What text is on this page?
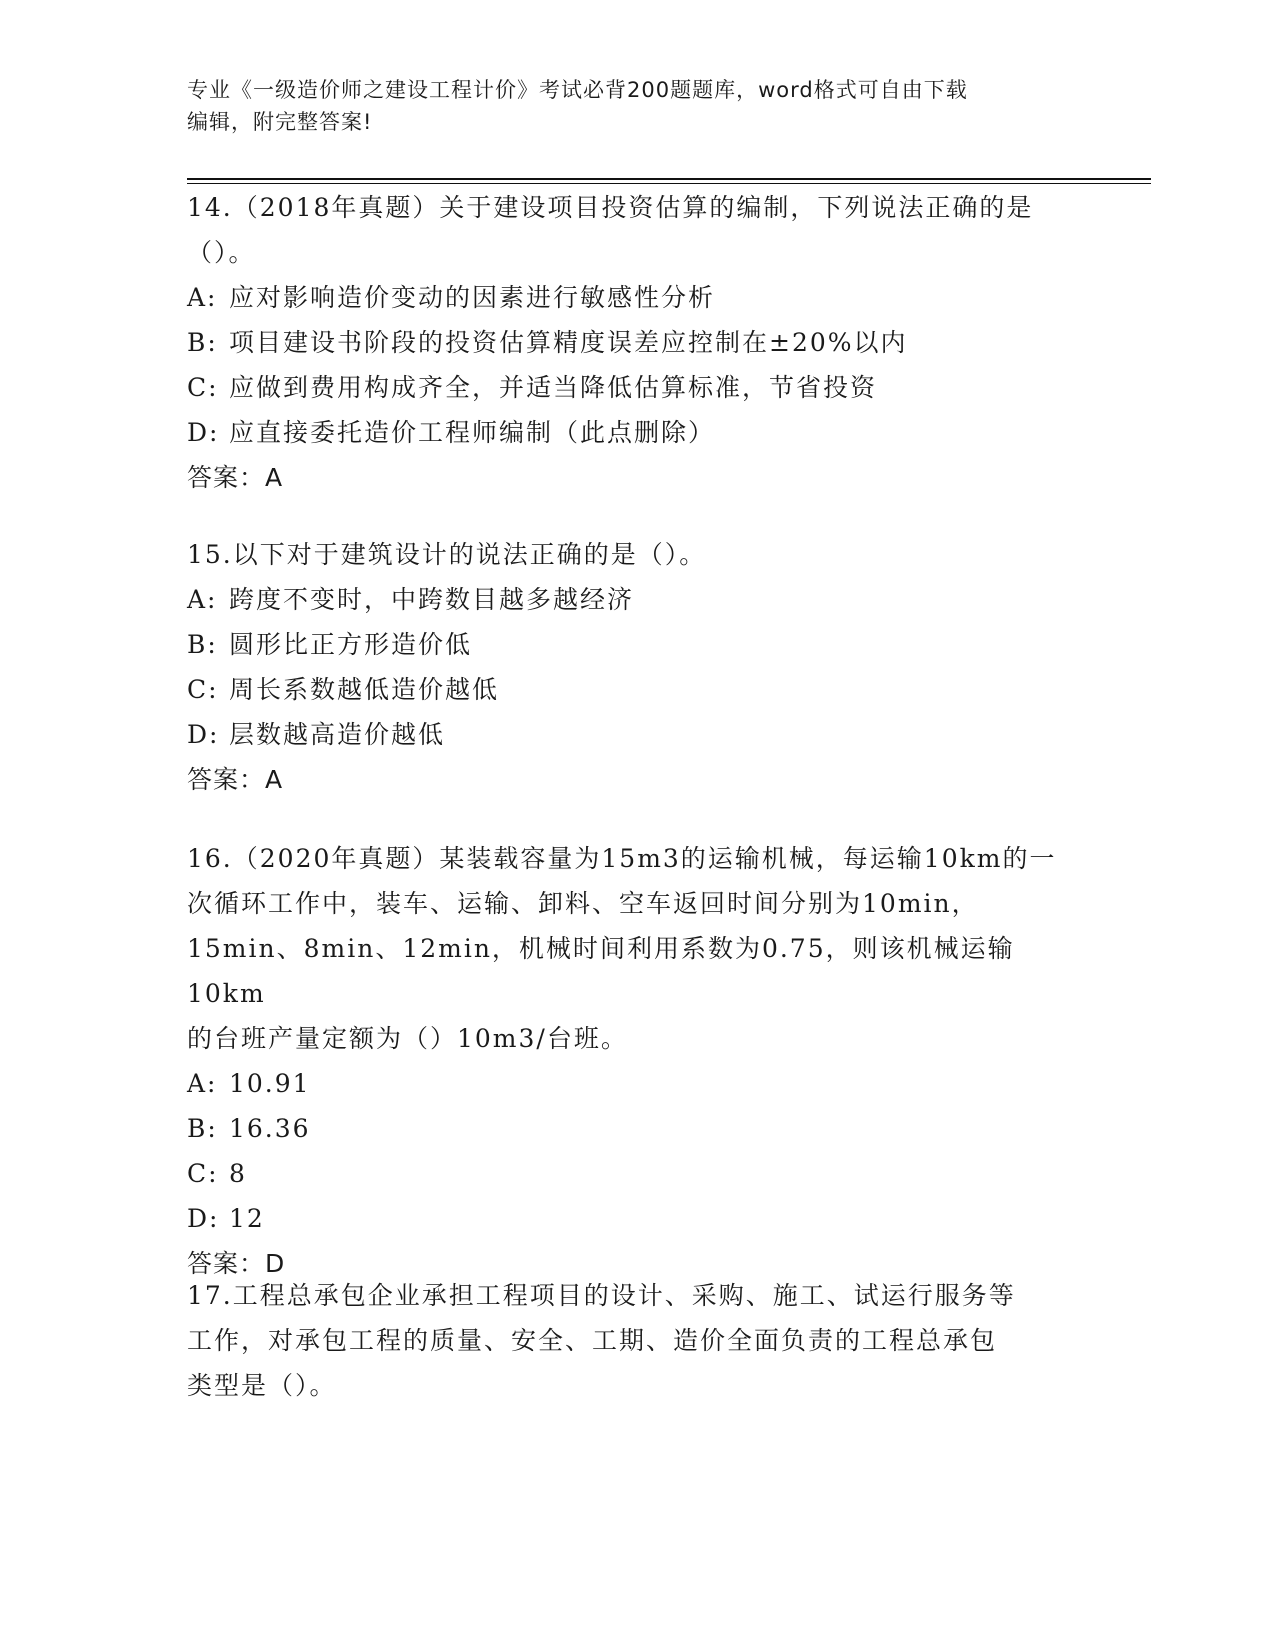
专业《一级造价师之建设工程计价》考试必背200题题库，word格式可自由下载
编辑，附完整答案!

14.（2018年真题）关于建设项目投资估算的编制，下列说法正确的是

（）。

A: 应对影响造价变动的因素进行敏感性分析

B: 项目建设书阶段的投资估算精度误差应控制在±20%以内

C: 应做到费用构成齐全，并适当降低估算标准，节省投资

D: 应直接委托造价工程师编制（此点删除）

答案：A

15.以下对于建筑设计的说法正确的是（）。

A: 跨度不变时，中跨数目越多越经济

B: 圆形比正方形造价低

C: 周长系数越低造价越低

D: 层数越高造价越低

答案：A

16.（2020年真题）某装载容量为15m3的运输机械，每运输10km的一

次循环工作中，装车、运输、卸料、空车返回时间分别为10min，

15min、8min、12min，机械时间利用系数为0.75，则该机械运输10km

的台班产量定额为（）10m3/台班。

A: 10.91

B: 16.36

C: 8

D: 12

答案：D

17.工程总承包企业承担工程项目的设计、采购、施工、试运行服务等

工作，对承包工程的质量、安全、工期、造价全面负责的工程总承包

类型是（）。
